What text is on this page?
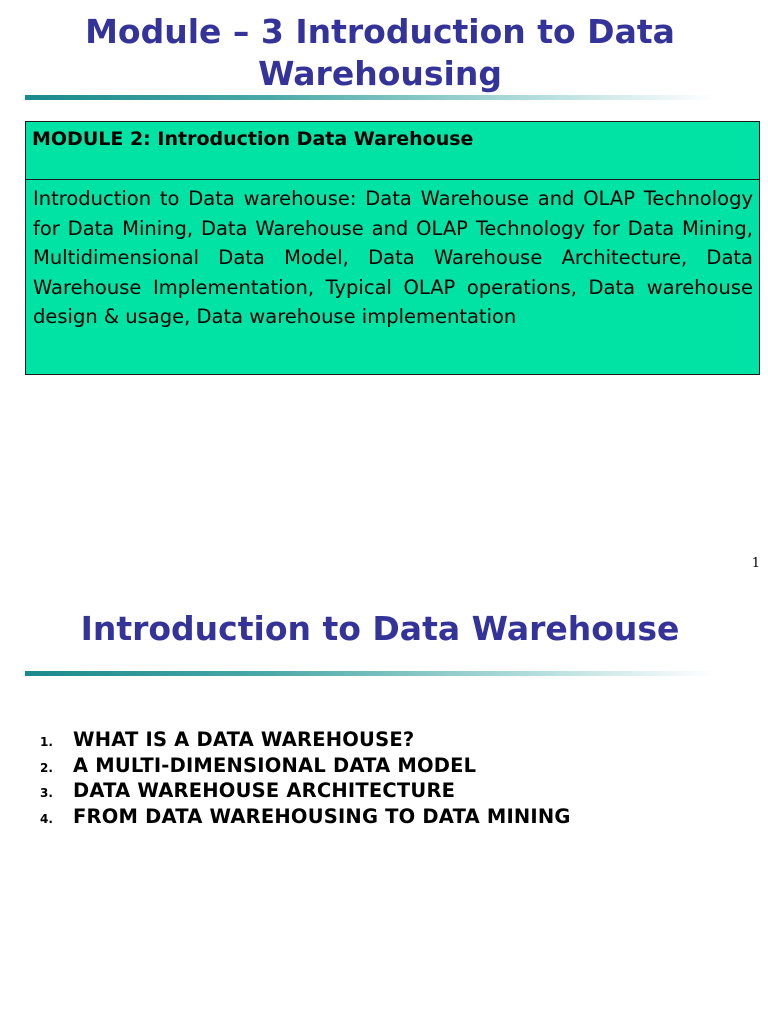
Module – 3 Introduction to Data Warehousing
MODULE 2: Introduction Data Warehouse
Introduction to Data warehouse: Data Warehouse and OLAP Technology for Data Mining, Data Warehouse and OLAP Technology for Data Mining, Multidimensional Data Model, Data Warehouse Architecture, Data Warehouse Implementation, Typical OLAP operations, Data warehouse design & usage, Data warehouse implementation
1
Introduction to Data Warehouse
1.	WHAT IS A DATA WAREHOUSE?
2.	A MULTI-DIMENSIONAL DATA MODEL
3.	DATA WAREHOUSE ARCHITECTURE
4.	FROM DATA WAREHOUSING TO DATA MINING
